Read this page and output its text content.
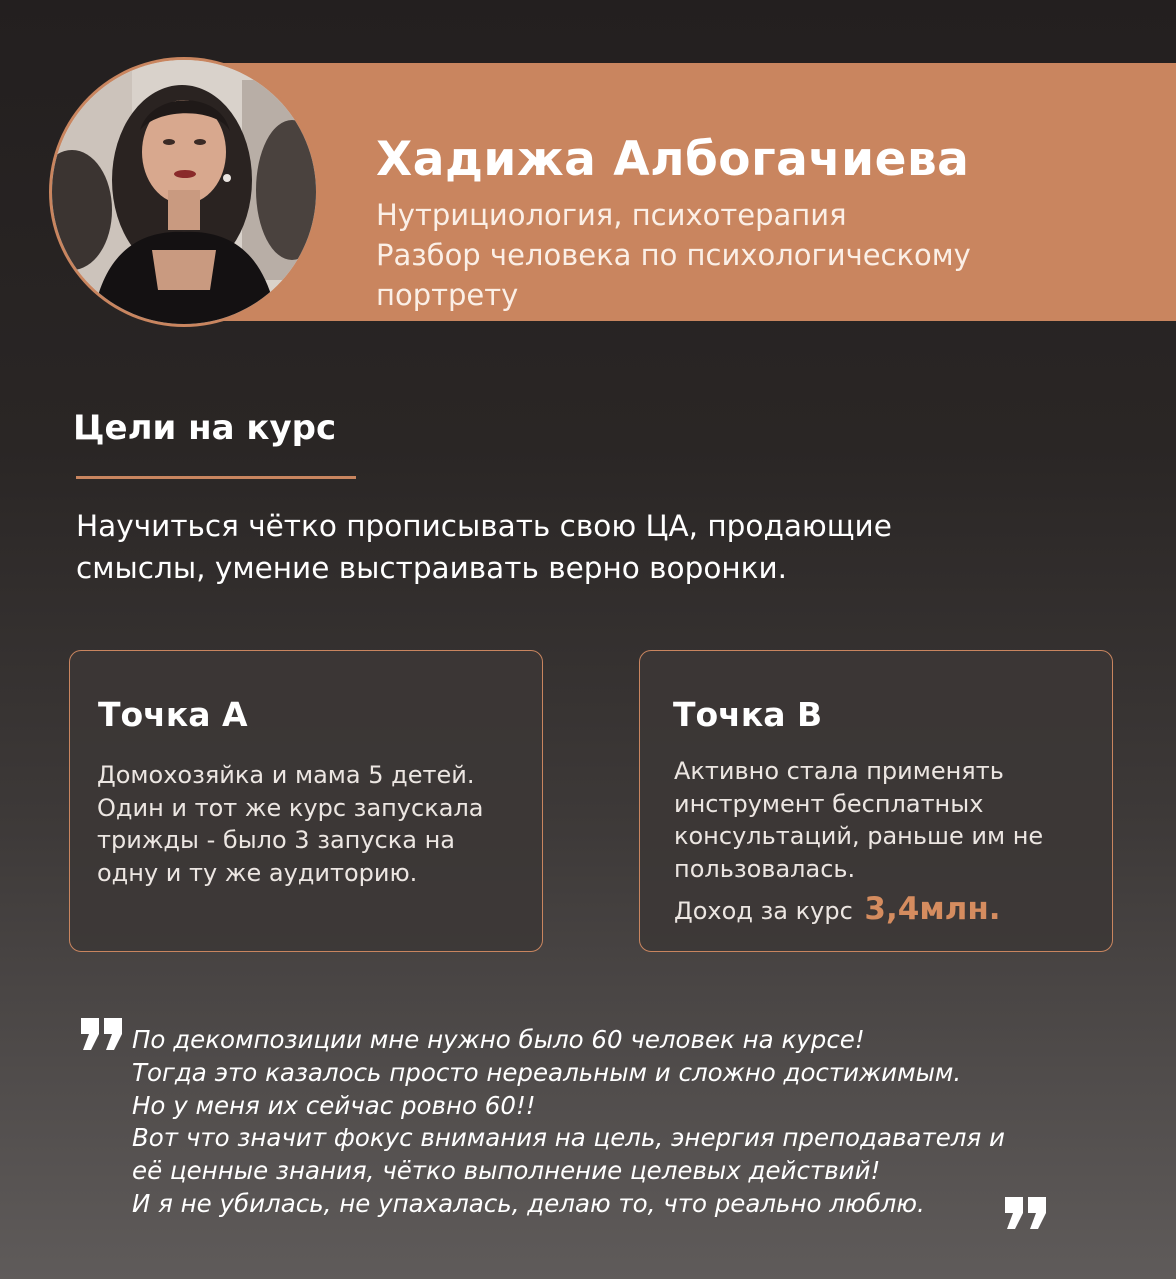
Хадижа Албогачиева
Нутрициология, психотерапия
Разбор человека по психологическому
портрету
Цели на курс
Научиться чётко прописывать свою ЦА, продающие
смыслы, умение выстраивать верно воронки.
Точка А
Домохозяйка и мама 5 детей.
Один и тот же курс запускала
трижды - было 3 запуска на
одну и ту же аудиторию.
Точка B
Активно стала применять
инструмент бесплатных
консультаций, раньше им не
пользовалась.
Доход за курс 3,4млн.
По декомпозиции мне нужно было 60 человек на курсе!
Тогда это казалось просто нереальным и сложно достижимым.
Но у меня их сейчас ровно 60!!
Вот что значит фокус внимания на цель, энергия преподавателя и
её ценные знания, чётко выполнение целевых действий!
И я не убилась, не упахалась, делаю то, что реально люблю.
